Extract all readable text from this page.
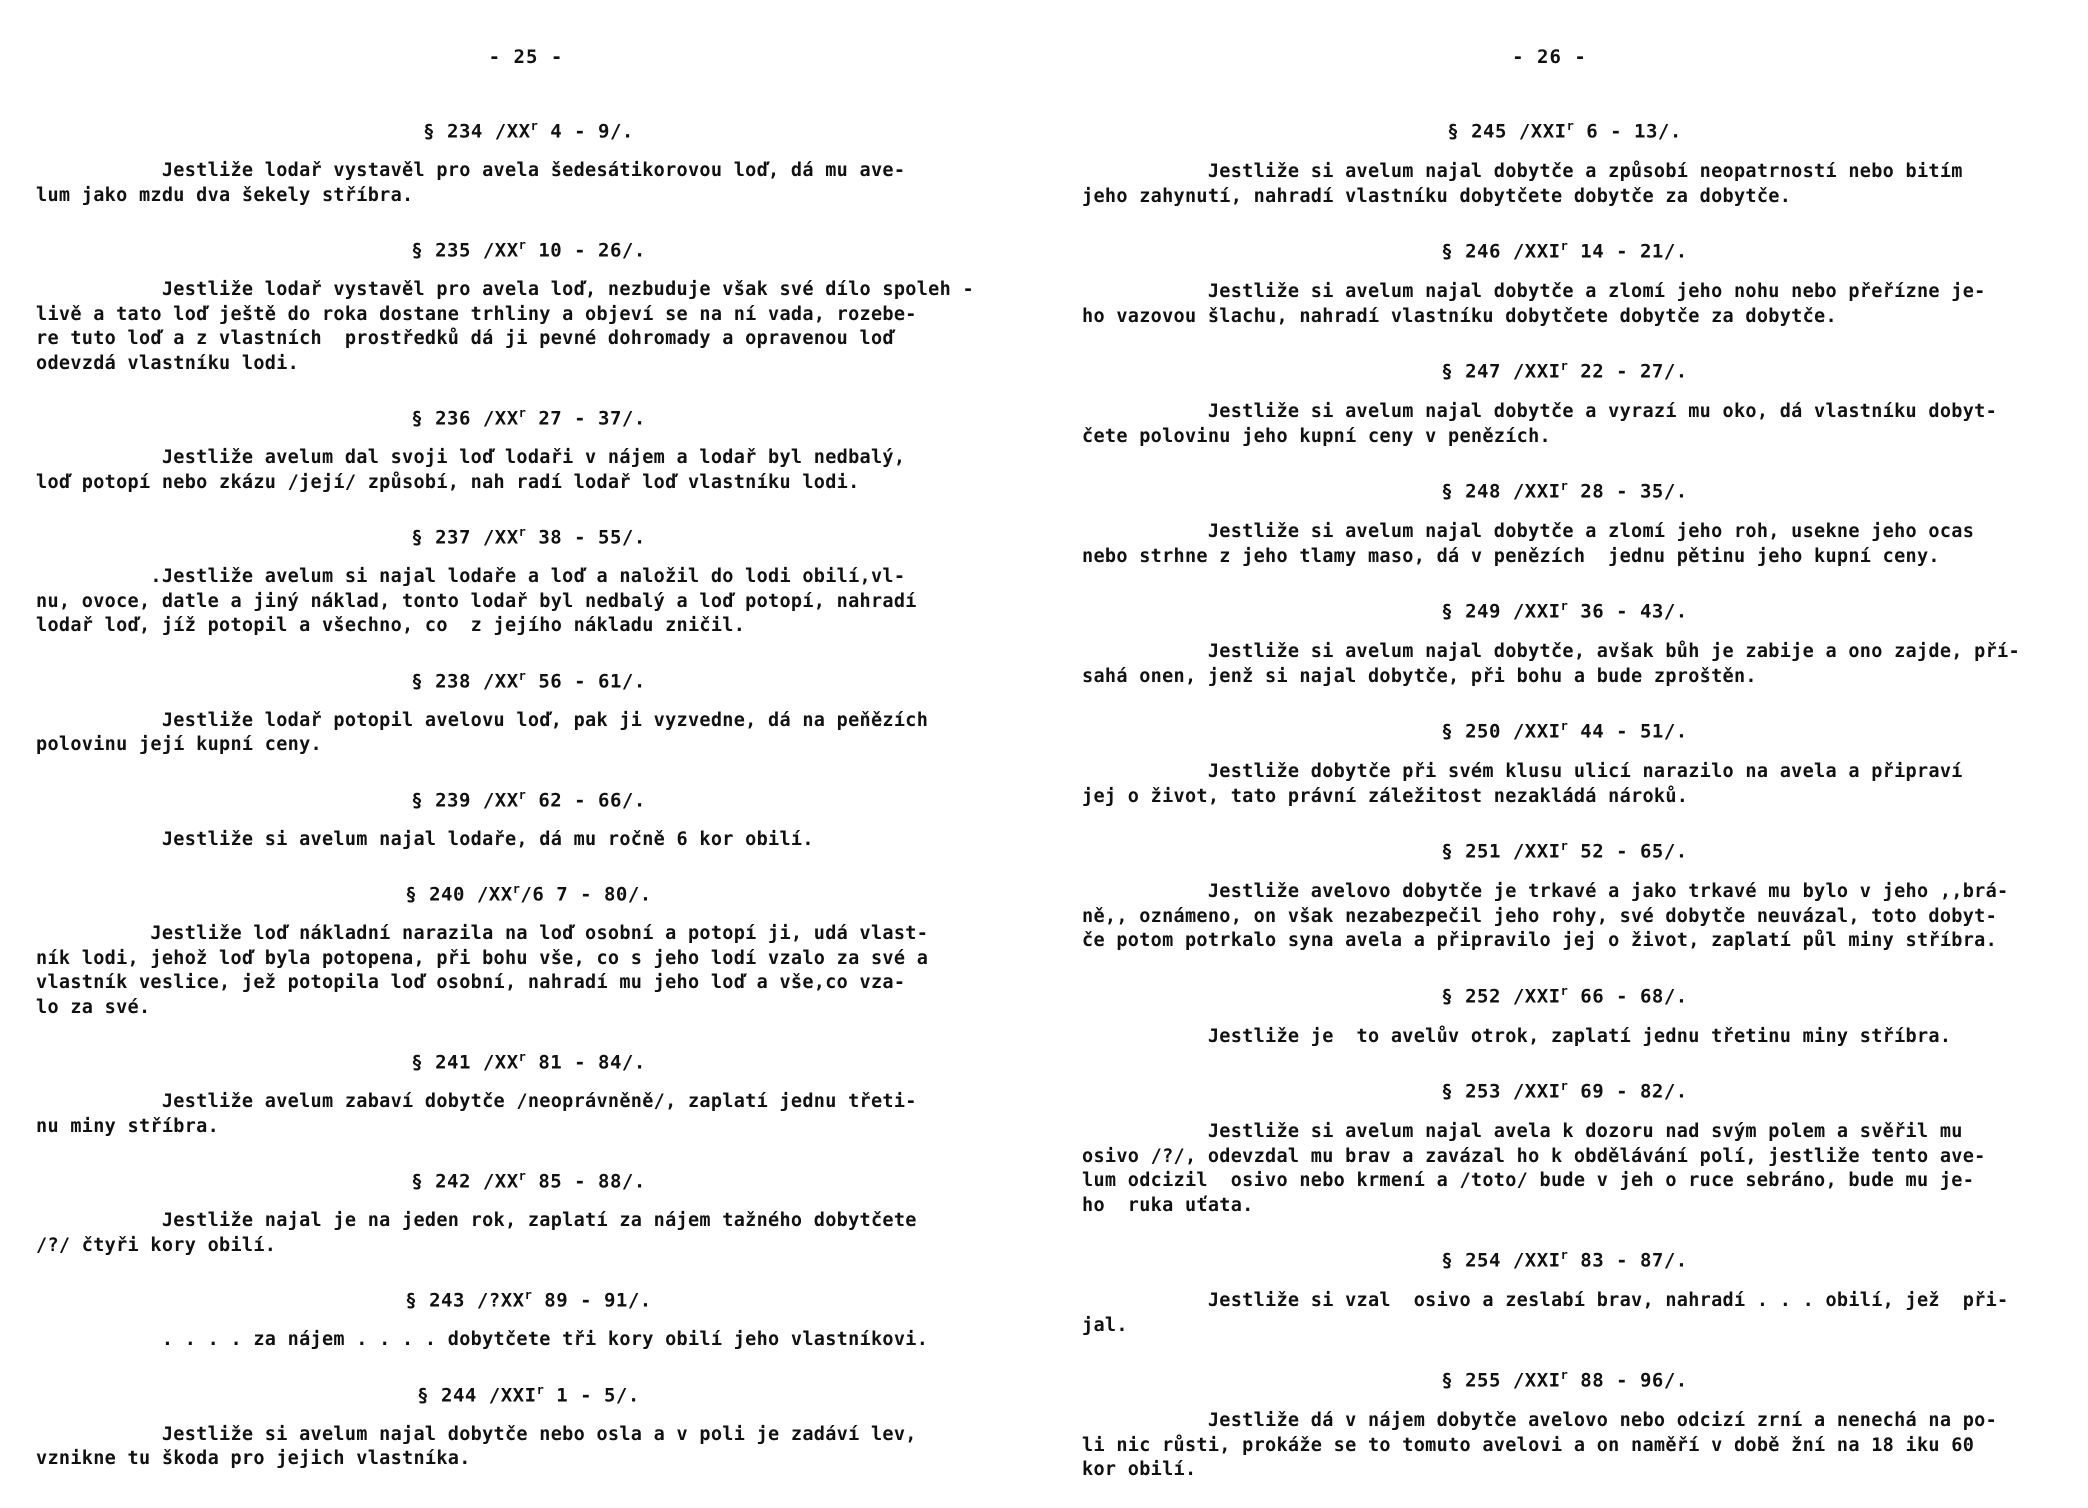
- 25 -
§ 234 $/XX^r$ 4 - 9/.
Jestliže lodař vystavěl pro avela šedesátikorovou loď, dá mu ave-
lum jako mzdu dva šekely stříbra.
§ 235 $/XX^r$ 10 - 26/.
Jestliže lodař vystavěl pro avela loď, nezbuduje však své dílo spoleh -
livě a tato loď ještě do roka dostane trhliny a objeví se na ní vada, rozebe-
re tuto loď a z vlastních  prostředků dá ji pevné dohromady a opravenou loď
odevzdá vlastníku lodi.
§ 236 $/XX^r$ 27 - 37/.
Jestliže avelum dal svoji loď lodaři v nájem a lodař byl nedbalý,
loď potopí nebo zkázu /její/ způsobí, nah radí lodař loď vlastníku lodi.
§ 237 $/XX^r$ 38 - 55/.
.Jestliže avelum si najal lodaře a loď a naložil do lodi obilí,vl-
nu, ovoce, datle a jiný náklad, tonto lodař byl nedbalý a loď potopí, nahradí
lodař loď, jíž potopil a všechno, co  z jejího nákladu zničil.
§ 238 $/XX^r$ 56 - 61/.
Jestliže lodař potopil avelovu loď, pak ji vyzvedne, dá na peňězích
polovinu její kupní ceny.
§ 239 $/XX^r$ 62 - 66/.
Jestliže si avelum najal lodaře, dá mu ročně 6 kor obilí.
§ 240 $/XX^r/6$ 7 - 80/.
Jestliže loď nákladní narazila na loď osobní a potopí ji, udá vlast-
ník lodi, jehož loď byla potopena, při bohu vše, co s jeho lodí vzalo za své a
vlastník veslice, jež potopila loď osobní, nahradí mu jeho loď a vše,co vza-
lo za své.
§ 241 $/XX^r$ 81 - 84/.
Jestliže avelum zabaví dobytče /neoprávněně/, zaplatí jednu třeti-
nu miny stříbra.
§ 242 $/XX^r$ 85 - 88/.
Jestliže najal je na jeden rok, zaplatí za nájem tažného dobytčete
/?/ čtyři kory obilí.
§ 243 $/?XX^r$ 89 - 91/.
. . . . za nájem . . . . dobytčete tři kory obilí jeho vlastníkovi.
§ 244 /XXI$^r$ 1 - 5/.
Jestliže si avelum najal dobytče nebo osla a v poli je zadáví lev,
vznikne tu škoda pro jejich vlastníka.
- 26 -
§ 245 /XXI$^r$ 6 - 13/.
Jestliže si avelum najal dobytče a způsobí neopatrností nebo bitím
jeho zahynutí, nahradí vlastníku dobytčete dobytče za dobytče.
§ 246 /XXI$^r$ 14 - 21/.
Jestliže si avelum najal dobytče a zlomí jeho nohu nebo přeřízne je-
ho vazovou šlachu, nahradí vlastníku dobytčete dobytče za dobytče.
§ 247 /XXI$^r$ 22 - 27/.
Jestliže si avelum najal dobytče a vyrazí mu oko, dá vlastníku dobyt-
čete polovinu jeho kupní ceny v penězích.
§ 248 /XXI$^r$ 28 - 35/.
Jestliže si avelum najal dobytče a zlomí jeho roh, usekne jeho ocas
nebo strhne z jeho tlamy maso, dá v penězích  jednu pětinu jeho kupní ceny.
§ 249 /XXI$^r$ 36 - 43/.
Jestliže si avelum najal dobytče, avšak bůh je zabije a ono zajde, pří-
sahá onen, jenž si najal dobytče, při bohu a bude zproštěn.
§ 250 /XXI$^r$ 44 - 51/.
Jestliže dobytče při svém klusu ulicí narazilo na avela a připraví
jej o život, tato právní záležitost nezakládá nároků.
§ 251 /XXI$^r$ 52 - 65/.
Jestliže avelovo dobytče je trkavé a jako trkavé mu bylo v jeho ,,brá-
ně,, oznámeno, on však nezabezpečil jeho rohy, své dobytče neuvázal, toto dobyt-
če potom potrkalo syna avela a připravilo jej o život, zaplatí půl miny stříbra.
§ 252 /XXI$^r$ 66 - 68/.
Jestliže je  to avelův otrok, zaplatí jednu třetinu miny stříbra.
§ 253 /XXI$^r$ 69 - 82/.
Jestliže si avelum najal avela k dozoru nad svým polem a svěřil mu
osivo /?/, odevzdal mu brav a zavázal ho k obdělávání polí, jestliže tento ave-
lum odcizil  osivo nebo krmení a /toto/ bude v jeh o ruce sebráno, bude mu je-
ho  ruka uťata.
§ 254 /XXI$^r$ 83 - 87/.
Jestliže si vzal  osivo a zeslabí brav, nahradí . . . obilí, jež  při-
jal.
§ 255 /XXI$^r$ 88 - 96/.
Jestliže dá v nájem dobytče avelovo nebo odcizí zrní a nenechá na po-
li nic růsti, prokáže se to tomuto avelovi a on naměří v době žní na 18 iku 60
kor obilí.
